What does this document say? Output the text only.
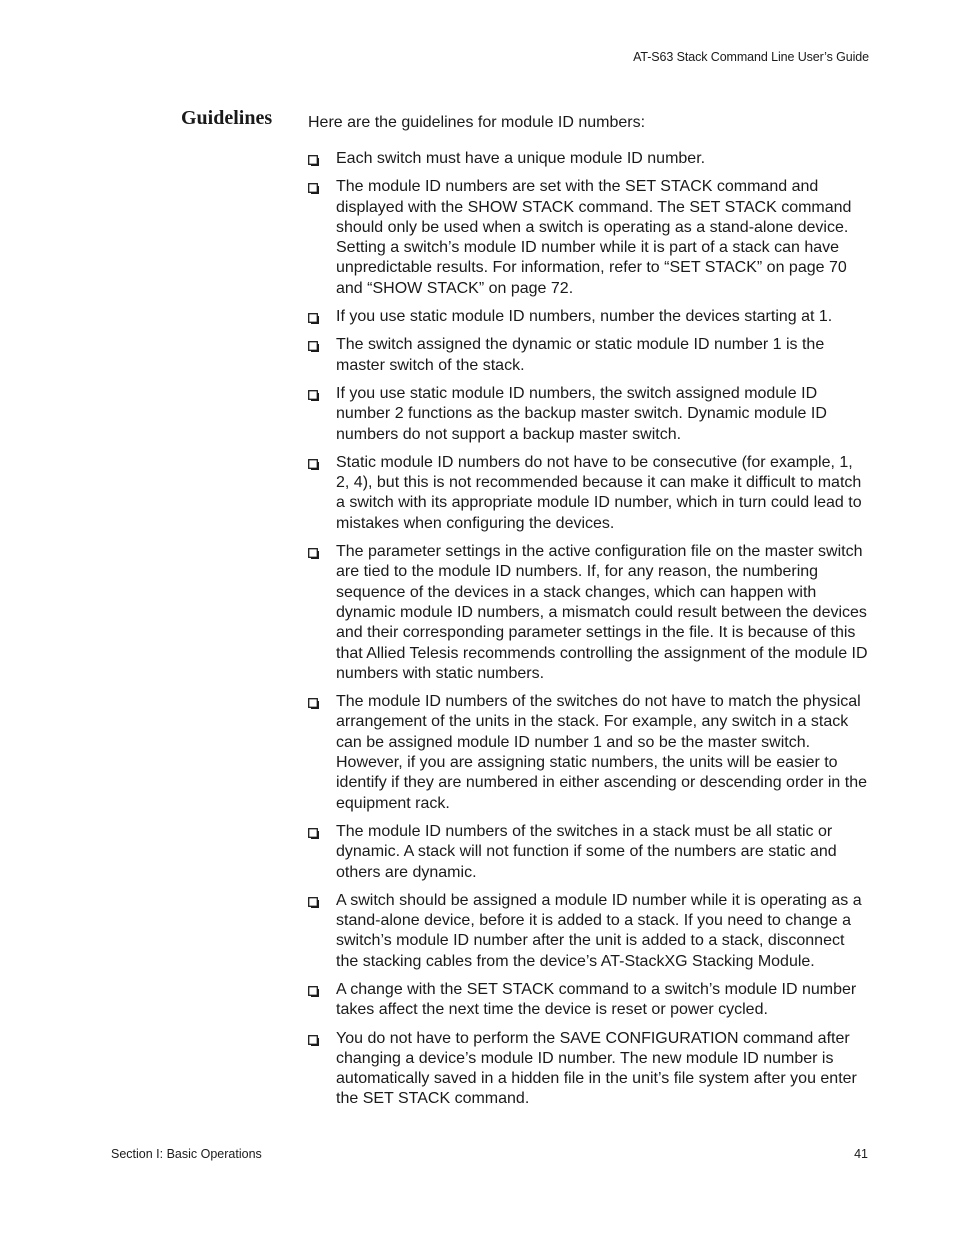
AT-S63 Stack Command Line User’s Guide
Guidelines Here are the guidelines for module ID numbers:
Each switch must have a unique module ID number.
The module ID numbers are set with the SET STACK command and displayed with the SHOW STACK command. The SET STACK command should only be used when a switch is operating as a stand-alone device. Setting a switch’s module ID number while it is part of a stack can have unpredictable results. For information, refer to “SET STACK” on page 70 and “SHOW STACK” on page 72.
If you use static module ID numbers, number the devices starting at 1.
The switch assigned the dynamic or static module ID number 1 is the master switch of the stack.
If you use static module ID numbers, the switch assigned module ID number 2 functions as the backup master switch. Dynamic module ID numbers do not support a backup master switch.
Static module ID numbers do not have to be consecutive (for example, 1, 2, 4), but this is not recommended because it can make it difficult to match a switch with its appropriate module ID number, which in turn could lead to mistakes when configuring the devices.
The parameter settings in the active configuration file on the master switch are tied to the module ID numbers. If, for any reason, the numbering sequence of the devices in a stack changes, which can happen with dynamic module ID numbers, a mismatch could result between the devices and their corresponding parameter settings in the file. It is because of this that Allied Telesis recommends controlling the assignment of the module ID numbers with static numbers.
The module ID numbers of the switches do not have to match the physical arrangement of the units in the stack. For example, any switch in a stack can be assigned module ID number 1 and so be the master switch. However, if you are assigning static numbers, the units will be easier to identify if they are numbered in either ascending or descending order in the equipment rack.
The module ID numbers of the switches in a stack must be all static or dynamic. A stack will not function if some of the numbers are static and others are dynamic.
A switch should be assigned a module ID number while it is operating as a stand-alone device, before it is added to a stack. If you need to change a switch’s module ID number after the unit is added to a stack, disconnect the stacking cables from the device’s AT-StackXG Stacking Module.
A change with the SET STACK command to a switch’s module ID number takes affect the next time the device is reset or power cycled.
You do not have to perform the SAVE CONFIGURATION command after changing a device’s module ID number. The new module ID number is automatically saved in a hidden file in the unit’s file system after you enter the SET STACK command.
Section I: Basic Operations	41
